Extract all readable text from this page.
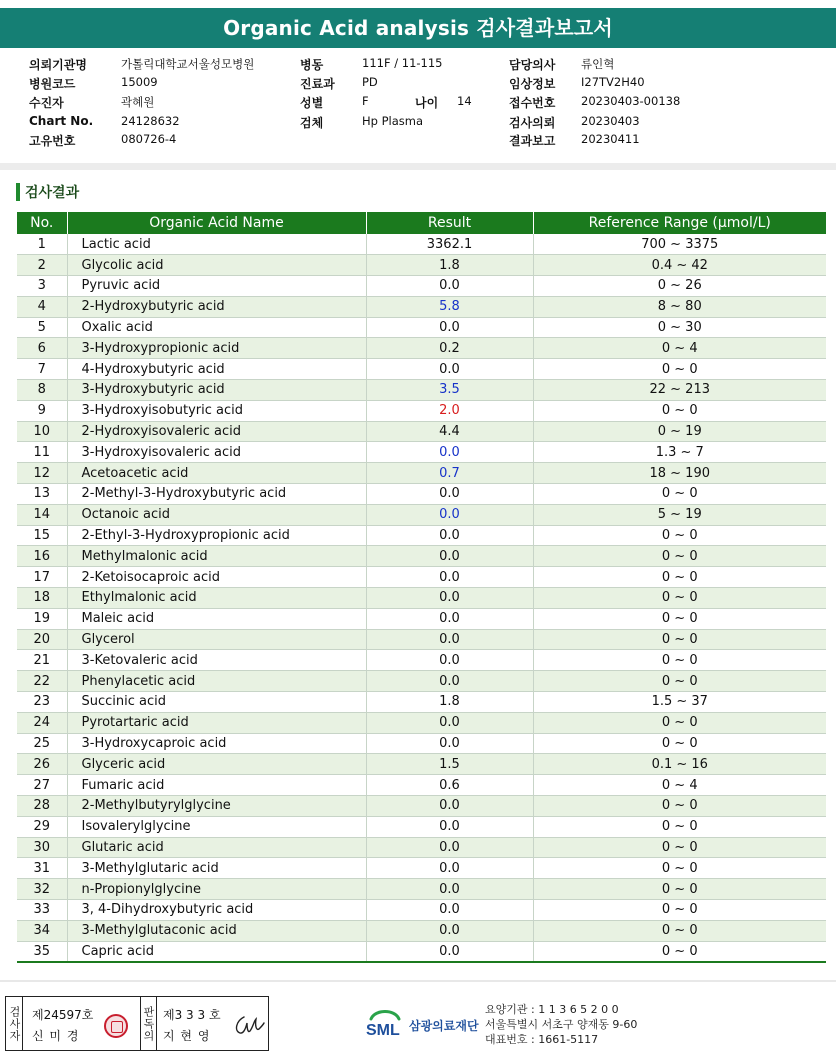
Organic Acid analysis 검사결과보고서
의뢰기관명	가톨릭대학교서울성모병원	병동	111F / 11-115	담당의사 류인혁
병원코드	15009	진료과 PD	임상정보 I27TV2H40
수진자	곽혜원	성별	F	나이 14	접수번호 20230403-00138
Chart No. 24128632	검체	Hp Plasma	검사의뢰 20230403
고유번호	080726-4	결과보고 20230411
검사결과
No.	Organic Acid Name	Result	Reference Range (μmol/L)
1	Lactic acid	3362.1	700 ~ 3375
2	Glycolic acid	1.8	0.4 ~ 42
3	Pyruvic acid	0.0	0 ~ 26
4	2-Hydroxybutyric acid	5.8	8 ~ 80
5	Oxalic acid	0.0	0 ~ 30
6	3-Hydroxypropionic acid	0.2	0 ~ 4
7	4-Hydroxybutyric acid	0.0	0 ~ 0
8	3-Hydroxybutyric acid	3.5	22 ~ 213
9	3-Hydroxyisobutyric acid	2.0	0 ~ 0
10	2-Hydroxyisovaleric acid	4.4	0 ~ 19
11	3-Hydroxyisovaleric acid	0.0	1.3 ~ 7
12	Acetoacetic acid	0.7	18 ~ 190
13	2-Methyl-3-Hydroxybutyric acid	0.0	0 ~ 0
14	Octanoic acid	0.0	5 ~ 19
15	2-Ethyl-3-Hydroxypropionic acid	0.0	0 ~ 0
16	Methylmalonic acid	0.0	0 ~ 0
17	2-Ketoisocaproic acid	0.0	0 ~ 0
18	Ethylmalonic acid	0.0	0 ~ 0
19	Maleic acid	0.0	0 ~ 0
20	Glycerol	0.0	0 ~ 0
21	3-Ketovaleric acid	0.0	0 ~ 0
22	Phenylacetic acid	0.0	0 ~ 0
23	Succinic acid	1.8	1.5 ~ 37
24	Pyrotartaric acid	0.0	0 ~ 0
25	3-Hydroxycaproic acid	0.0	0 ~ 0
26	Glyceric acid	1.5	0.1 ~ 16
27	Fumaric acid	0.6	0 ~ 4
28	2-Methylbutyrylglycine	0.0	0 ~ 0
29	Isovalerylglycine	0.0	0 ~ 0
30	Glutaric acid	0.0	0 ~ 0
31	3-Methylglutaric acid	0.0	0 ~ 0
32	n-Propionylglycine	0.0	0 ~ 0
33	3, 4-Dihydroxybutyric acid	0.0	0 ~ 0
34	3-Methylglutaconic acid	0.0	0 ~ 0
35	Capric acid	0.0	0 ~ 0
검사자 제24597호
신 미 경	판독의 제3 3 3 호
지 현 영	SML 삼광의료재단
요양기관 : 1 1 3 6 5 2 0 0
서울특별시 서초구 양재동 9-60
대표번호 : 1661-5117
